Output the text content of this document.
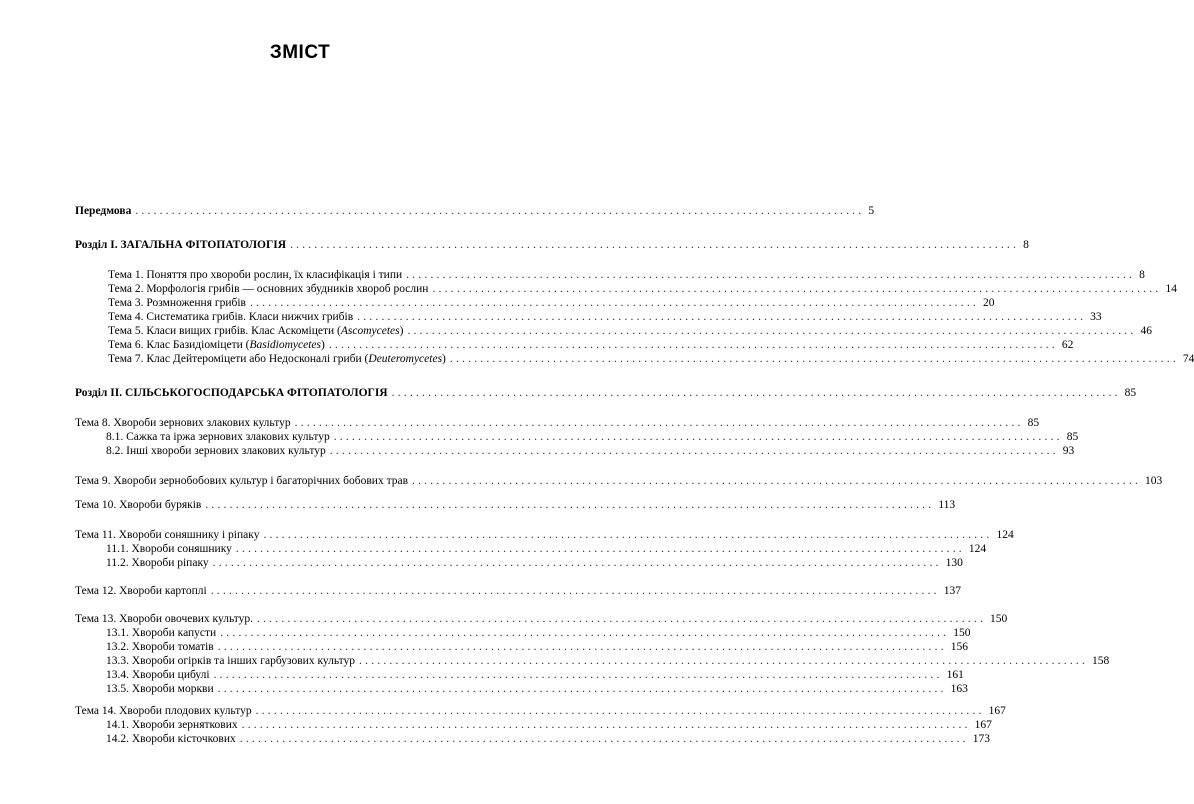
ЗМІСТ
Передмова ........................................................................................................................ 5
Розділ І. ЗАГАЛЬНА ФІТОПАТОЛОГІЯ ........................................................................................................................ 8
Тема 1. Поняття про хвороби рослин, їх класифікація і типи ........................................................................................................................ 8
Тема 2. Морфологія грибів — основних збудників хвороб рослин ........................................................................................................................ 14
Тема 3. Розмноження грибів ........................................................................................................................ 20
Тема 4. Систематика грибів. Класи нижчих грибів ........................................................................................................................ 33
Тема 5. Класи вищих грибів. Клас Аскоміцети (Ascomycetes) ........................................................................................................................ 46
Тема 6. Клас Базидіоміцети (Basidiomycetes) ........................................................................................................................ 62
Тема 7. Клас Дейтероміцети або Недосконалі гриби (Deuteromycetes) ........................................................................................................................ 74
Розділ ІІ. СІЛЬСЬКОГОСПОДАРСЬКА ФІТОПАТОЛОГІЯ ........................................................................................................................ 85
Тема 8. Хвороби зернових злакових культур ........................................................................................................................ 85
8.1. Сажка та іржа зернових злакових культур ........................................................................................................................ 85
8.2. Інші хвороби зернових злакових культур ........................................................................................................................ 93
Тема 9. Хвороби зернобобових культур і багаторічних бобових трав ........................................................................................................................ 103
Тема 10. Хвороби буряків ........................................................................................................................ 113
Тема 11. Хвороби соняшнику і ріпаку ........................................................................................................................ 124
11.1. Хвороби соняшнику ........................................................................................................................ 124
11.2. Хвороби ріпаку ........................................................................................................................ 130
Тема 12. Хвороби картоплі ........................................................................................................................ 137
Тема 13. Хвороби овочевих культур. ........................................................................................................................ 150
13.1. Хвороби капусти ........................................................................................................................ 150
13.2. Хвороби томатів ........................................................................................................................ 156
13.3. Хвороби огірків та інших гарбузових культур ........................................................................................................................ 158
13.4. Хвороби цибулі ........................................................................................................................ 161
13.5. Хвороби моркви ........................................................................................................................ 163
Тема 14. Хвороби плодових культур ........................................................................................................................ 167
14.1. Хвороби зерняткових ........................................................................................................................ 167
14.2. Хвороби кісточкових ........................................................................................................................ 173
